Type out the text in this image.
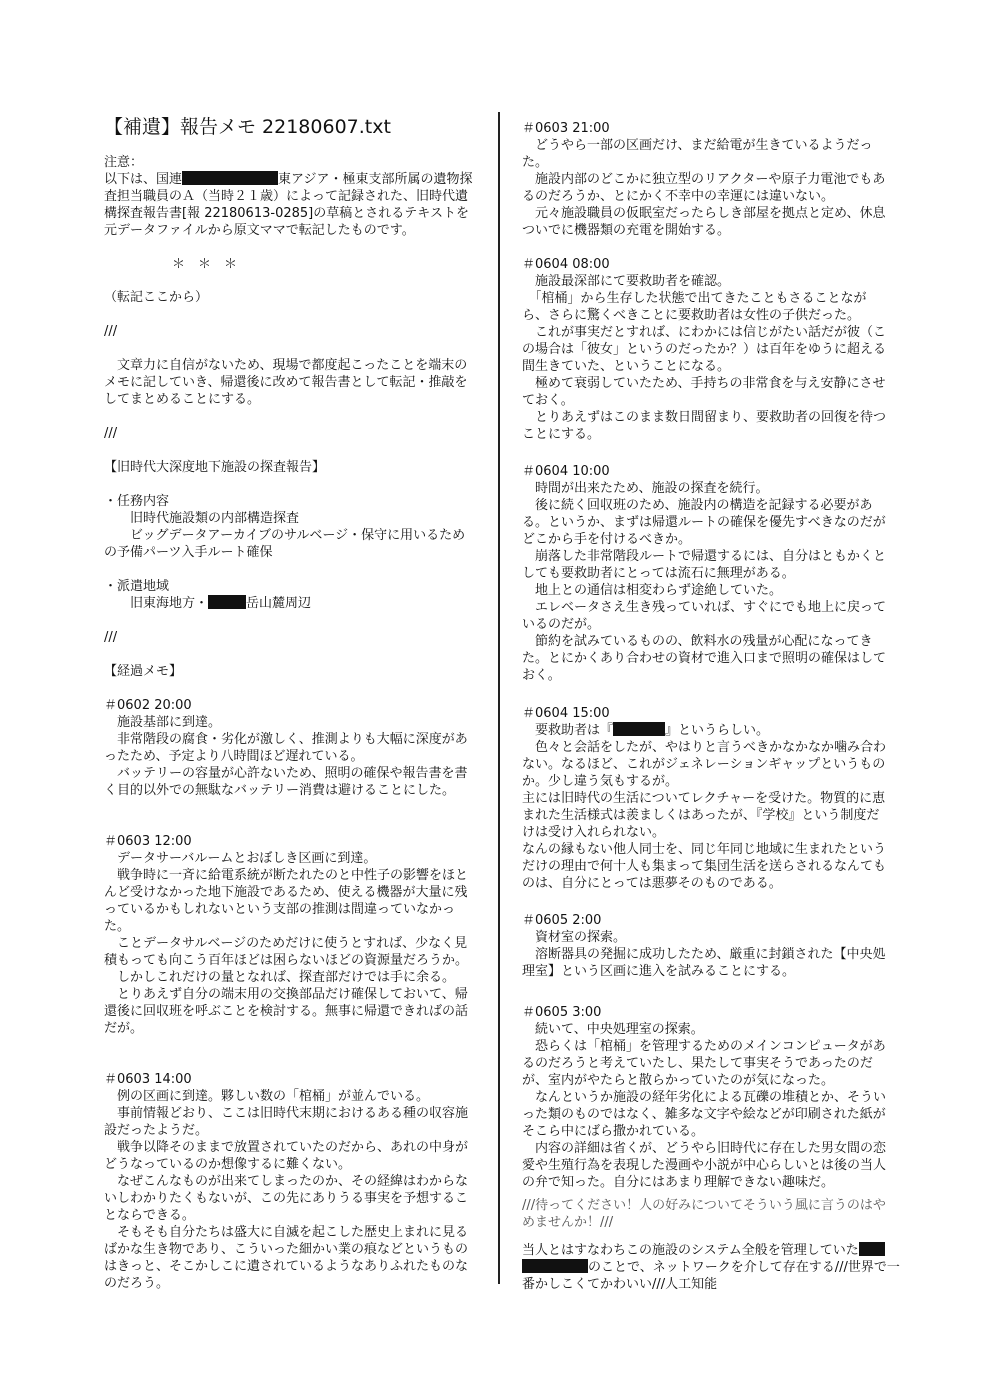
【補遺】報告メモ 22180607.txt
注意：
以下は、国連	東アジア・極東支部所属の遺物探
査担当職員のＡ（当時２１歳）によって記録された、旧時代遺
構探査報告書[報 22180613-0285]の草稿とされるテキストを
元データファイルから原文ママで転記したものです。
＊　＊　＊
（転記ここから）
///
　文章力に自信がないため、現場で都度起こったことを端末の
メモに記していき、帰還後に改めて報告書として転記・推敲を
してまとめることにする。
///
【旧時代大深度地下施設の探査報告】
・任務内容
　　旧時代施設類の内部構造探査
　　ビッグデータアーカイブのサルベージ・保守に用いるため
の予備パーツ入手ルート確保
・派遣地域
　　旧東海地方・	岳山麓周辺
///
【経過メモ】
＃0602 20:00
　施設基部に到達。
　非常階段の腐食・劣化が激しく、推測よりも大幅に深度があ
ったため、予定より八時間ほど遅れている。
　バッテリーの容量が心許ないため、照明の確保や報告書を書
く目的以外での無駄なバッテリー消費は避けることにした。
＃0603 12:00
　データサーバルームとおぼしき区画に到達。
　戦争時に一斉に給電系統が断たれたのと中性子の影響をほと
んど受けなかった地下施設であるため、使える機器が大量に残
っているかもしれないという支部の推測は間違っていなかっ
た。
　ことデータサルベージのためだけに使うとすれば、少なく見
積もっても向こう百年ほどは困らないほどの資源量だろうか。
　しかしこれだけの量となれば、探査部だけでは手に余る。
　とりあえず自分の端末用の交換部品だけ確保しておいて、帰
還後に回収班を呼ぶことを検討する。無事に帰還できればの話
だが。
＃0603 14:00
　例の区画に到達。夥しい数の「棺桶」が並んでいる。
　事前情報どおり、ここは旧時代末期におけるある種の収容施
設だったようだ。
　戦争以降そのままで放置されていたのだから、あれの中身が
どうなっているのか想像するに難くない。
　なぜこんなものが出来てしまったのか、その経緯はわからな
いしわかりたくもないが、この先にありうる事実を予想するこ
とならできる。
　そもそも自分たちは盛大に自滅を起こした歴史上まれに見る
ばかな生き物であり、こういった細かい業の痕などというもの
はきっと、そこかしこに遺されているようなありふれたものな
のだろう。
＃0603 21:00
　どうやら一部の区画だけ、まだ給電が生きているようだっ
た。
　施設内部のどこかに独立型のリアクターや原子力電池でもあ
るのだろうか、とにかく不幸中の幸運には違いない。
　元々施設職員の仮眠室だったらしき部屋を拠点と定め、休息
ついでに機器類の充電を開始する。
＃0604 08:00
　施設最深部にて要救助者を確認。
　「棺桶」から生存した状態で出てきたこともさることなが
ら、さらに驚くべきことに要救助者は女性の子供だった。
　これが事実だとすれば、にわかには信じがたい話だが彼（こ
の場合は「彼女」というのだったか？）は百年をゆうに超える
間生きていた、ということになる。
　極めて衰弱していたため、手持ちの非常食を与え安静にさせ
ておく。
　とりあえずはこのまま数日間留まり、要救助者の回復を待つ
ことにする。
＃0604 10:00
　時間が出来たため、施設の探査を続行。
　後に続く回収班のため、施設内の構造を記録する必要があ
る。というか、まずは帰還ルートの確保を優先すべきなのだが
どこから手を付けるべきか。
　崩落した非常階段ルートで帰還するには、自分はともかくと
しても要救助者にとっては流石に無理がある。
　地上との通信は相変わらず途絶していた。
　エレベータさえ生き残っていれば、すぐにでも地上に戻って
いるのだが。
　節約を試みているものの、飲料水の残量が心配になってき
た。とにかくあり合わせの資材で進入口まで照明の確保はして
おく。
＃0604 15:00
　要救助者は『	』というらしい。
　色々と会話をしたが、やはりと言うべきかなかなか噛み合わ
ない。なるほど、これがジェネレーションギャップというもの
か。少し違う気もするが。
主には旧時代の生活についてレクチャーを受けた。物質的に恵
まれた生活様式は羨ましくはあったが、『学校』という制度だ
けは受け入れられない。
なんの縁もない他人同士を、同じ年同じ地域に生まれたという
だけの理由で何十人も集まって集団生活を送らされるなんても
のは、自分にとっては悪夢そのものである。
＃0605 2:00
　資材室の探索。
　溶断器具の発掘に成功したため、厳重に封鎖された【中央処
理室】という区画に進入を試みることにする。
＃0605 3:00
　続いて、中央処理室の探索。
　恐らくは「棺桶」を管理するためのメインコンピュータがあ
るのだろうと考えていたし、果たして事実そうであったのだ
が、室内がやたらと散らかっていたのが気になった。
　なんというか施設の経年劣化による瓦礫の堆積とか、そうい
った類のものではなく、雑多な文字や絵などが印刷された紙が
そこら中にばら撒かれている。
　内容の詳細は省くが、どうやら旧時代に存在した男女間の恋
愛や生殖行為を表現した漫画や小説が中心らしいとは後の当人
の弁で知った。自分にはあまり理解できない趣味だ。
///待ってください！人の好みについてそういう風に言うのはや
めませんか！///
当人とはすなわちこの施設のシステム全般を管理していた
のことで、ネットワークを介して存在する///世界で一
番かしこくてかわいい///人工知能
